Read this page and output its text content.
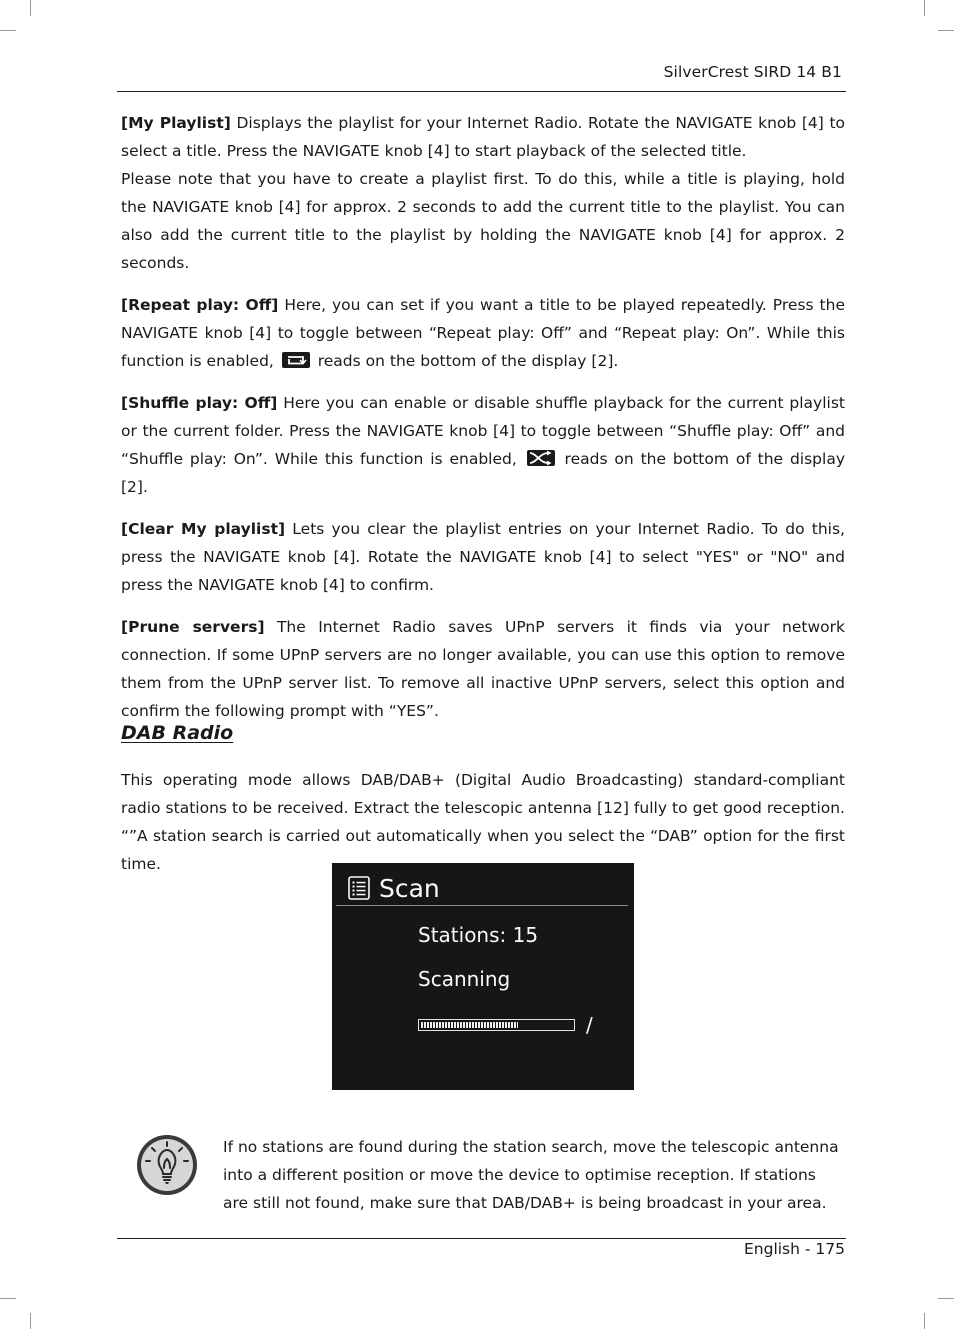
SilverCrest SIRD 14 B1

[My Playlist] Displays the playlist for your Internet Radio. Rotate the NAVIGATE knob [4] to select a title. Press the NAVIGATE knob [4] to start playback of the selected title.

Please note that you have to create a playlist first. To do this, while a title is playing, hold the NAVIGATE knob [4] for approx. 2 seconds to add the current title to the playlist. You can also add the current title to the playlist by holding the NAVIGATE knob [4] for approx. 2 seconds.

[Repeat play: Off] Here, you can set if you want a title to be played repeatedly. Press the NAVIGATE knob [4] to toggle between “Repeat play: Off” and “Repeat play: On”. While this function is enabled,  reads on the bottom of the display [2].

[Shuffle play: Off] Here you can enable or disable shuffle playback for the current playlist or the current folder. Press the NAVIGATE knob [4] to toggle between “Shuffle play: Off” and “Shuffle play: On”. While this function is enabled,  reads on the bottom of the display [2].

[Clear My playlist] Lets you clear the playlist entries on your Internet Radio. To do this, press the NAVIGATE knob [4]. Rotate the NAVIGATE knob [4] to select "YES" or "NO" and press the NAVIGATE knob [4] to confirm.

[Prune servers] The Internet Radio saves UPnP servers it finds via your network connection. If some UPnP servers are no longer available, you can use this option to remove them from the UPnP server list. To remove all inactive UPnP servers, select this option and confirm the following prompt with “YES”.

DAB Radio
This operating mode allows DAB/DAB+ (Digital Audio Broadcasting) standard-compliant radio stations to be received. Extract the telescopic antenna [12] fully to get good reception. “”A station search is carried out automatically when you select the “DAB” option for the first time.
Scan
Stations: 15
Scanning
/
If no stations are found during the station search, move the telescopic antenna into a different position or move the device to optimise reception. If stations are still not found, make sure that DAB/DAB+ is being broadcast in your area.
English - 175
